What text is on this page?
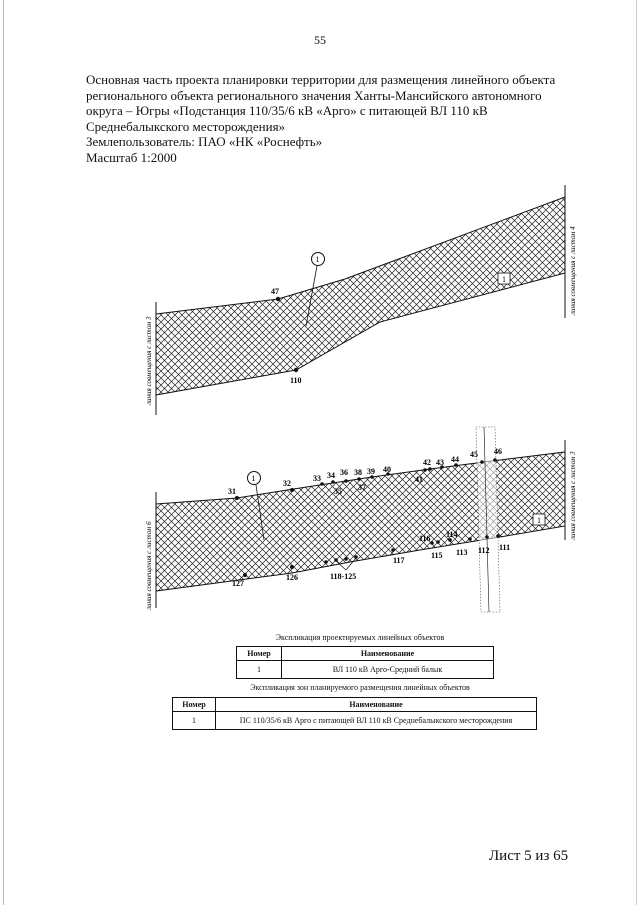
55
Основная часть проекта планировки территории для размещения линейного объекта
регионального объекта регионального значения Ханты-Мансийского автономного
округа – Югры «Подстанция 110/35/6 кВ «Арго» с питающей ВЛ 110 кВ
Среднебалыкского месторождения»
Землепользователь: ПАО «НК «Роснефть»
Масштаб 1:2000
линия совмещения с листом 3
линия совмещения с листом 4
47
110
1
1
линия совмещения с листом 6
линия совмещения с листом 3
31
32
33 34
35
36 38
37
39 40
41
42 43 44
45 46
127
126	118-125
117
116
115
114
113 112 111
1
1
Экспликация проектируемых линейных объектов
Номер	Наименование
1	ВЛ 110 кВ Арго-Средний балык
Экспликация зон планируемого размещения линейных объектов
Номер	Наименование
1	ПС 110/35/6 кВ Арго с питающей ВЛ 110 кВ Среднебалыкского месторождения
Лист 5 из 65
